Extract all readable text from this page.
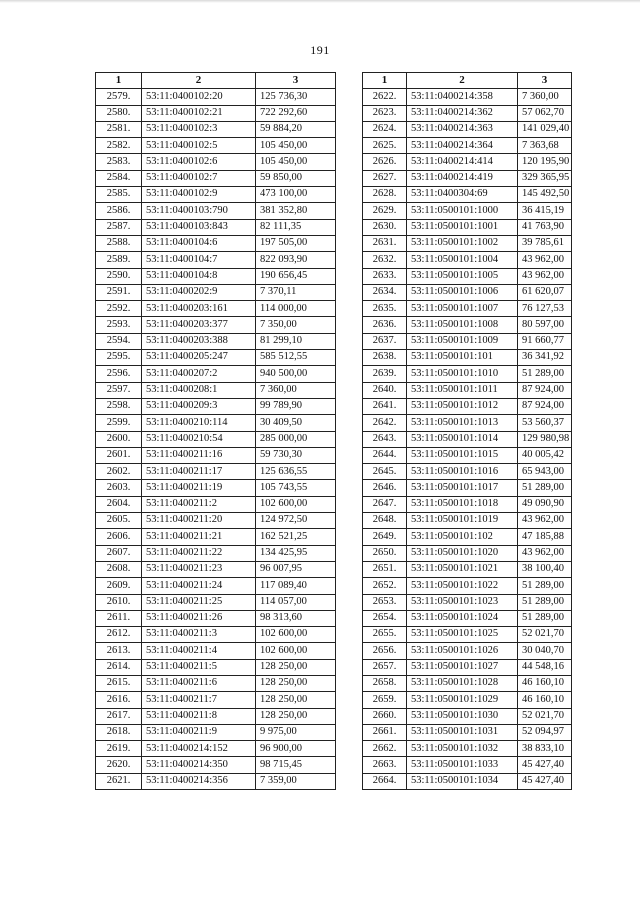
191
1	2	3
2579.	53:11:0400102:20	125 736,30
2580.	53:11:0400102:21	722 292,60
2581.	53:11:0400102:3	59 884,20
2582.	53:11:0400102:5	105 450,00
2583.	53:11:0400102:6	105 450,00
2584.	53:11:0400102:7	59 850,00
2585.	53:11:0400102:9	473 100,00
2586.	53:11:0400103:790	381 352,80
2587.	53:11:0400103:843	82 111,35
2588.	53:11:0400104:6	197 505,00
2589.	53:11:0400104:7	822 093,90
2590.	53:11:0400104:8	190 656,45
2591.	53:11:0400202:9	7 370,11
2592.	53:11:0400203:161	114 000,00
2593.	53:11:0400203:377	7 350,00
2594.	53:11:0400203:388	81 299,10
2595.	53:11:0400205:247	585 512,55
2596.	53:11:0400207:2	940 500,00
2597.	53:11:0400208:1	7 360,00
2598.	53:11:0400209:3	99 789,90
2599.	53:11:0400210:114	30 409,50
2600.	53:11:0400210:54	285 000,00
2601.	53:11:0400211:16	59 730,30
2602.	53:11:0400211:17	125 636,55
2603.	53:11:0400211:19	105 743,55
2604.	53:11:0400211:2	102 600,00
2605.	53:11:0400211:20	124 972,50
2606.	53:11:0400211:21	162 521,25
2607.	53:11:0400211:22	134 425,95
2608.	53:11:0400211:23	96 007,95
2609.	53:11:0400211:24	117 089,40
2610.	53:11:0400211:25	114 057,00
2611.	53:11:0400211:26	98 313,60
2612.	53:11:0400211:3	102 600,00
2613.	53:11:0400211:4	102 600,00
2614.	53:11:0400211:5	128 250,00
2615.	53:11:0400211:6	128 250,00
2616.	53:11:0400211:7	128 250,00
2617.	53:11:0400211:8	128 250,00
2618.	53:11:0400211:9	9 975,00
2619.	53:11:0400214:152	96 900,00
2620.	53:11:0400214:350	98 715,45
2621.	53:11:0400214:356	7 359,00
1	2	3
2622.	53:11:0400214:358	7 360,00
2623.	53:11:0400214:362	57 062,70
2624.	53:11:0400214:363	141 029,40
2625.	53:11:0400214:364	7 363,68
2626.	53:11:0400214:414	120 195,90
2627.	53:11:0400214:419	329 365,95
2628.	53:11:0400304:69	145 492,50
2629.	53:11:0500101:1000	36 415,19
2630.	53:11:0500101:1001	41 763,90
2631.	53:11:0500101:1002	39 785,61
2632.	53:11:0500101:1004	43 962,00
2633.	53:11:0500101:1005	43 962,00
2634.	53:11:0500101:1006	61 620,07
2635.	53:11:0500101:1007	76 127,53
2636.	53:11:0500101:1008	80 597,00
2637.	53:11:0500101:1009	91 660,77
2638.	53:11:0500101:101	36 341,92
2639.	53:11:0500101:1010	51 289,00
2640.	53:11:0500101:1011	87 924,00
2641.	53:11:0500101:1012	87 924,00
2642.	53:11:0500101:1013	53 560,37
2643.	53:11:0500101:1014	129 980,98
2644.	53:11:0500101:1015	40 005,42
2645.	53:11:0500101:1016	65 943,00
2646.	53:11:0500101:1017	51 289,00
2647.	53:11:0500101:1018	49 090,90
2648.	53:11:0500101:1019	43 962,00
2649.	53:11:0500101:102	47 185,88
2650.	53:11:0500101:1020	43 962,00
2651.	53:11:0500101:1021	38 100,40
2652.	53:11:0500101:1022	51 289,00
2653.	53:11:0500101:1023	51 289,00
2654.	53:11:0500101:1024	51 289,00
2655.	53:11:0500101:1025	52 021,70
2656.	53:11:0500101:1026	30 040,70
2657.	53:11:0500101:1027	44 548,16
2658.	53:11:0500101:1028	46 160,10
2659.	53:11:0500101:1029	46 160,10
2660.	53:11:0500101:1030	52 021,70
2661.	53:11:0500101:1031	52 094,97
2662.	53:11:0500101:1032	38 833,10
2663.	53:11:0500101:1033	45 427,40
2664.	53:11:0500101:1034	45 427,40
